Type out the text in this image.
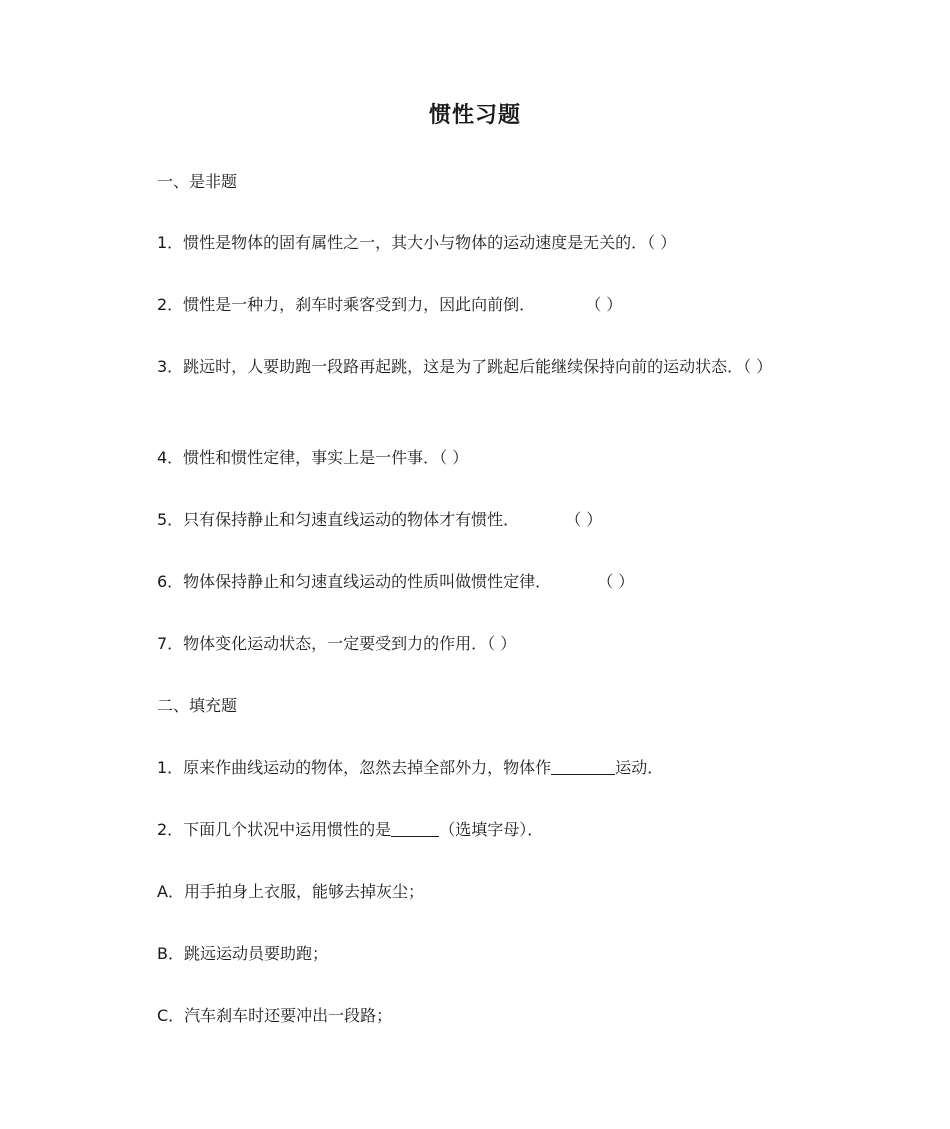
惯性习题

一、是非题

1．惯性是物体的固有属性之一，其大小与物体的运动速度是无关的．（ ）

2．惯性是一种力，刹车时乘客受到力，因此向前倒．	（ ）

3．跳远时，人要助跑一段路再起跳，这是为了跳起后能继续保持向前的运动状态．（ ）

4．惯性和惯性定律，事实上是一件事．（ ）

5．只有保持静止和匀速直线运动的物体才有惯性．	（ ）

6．物体保持静止和匀速直线运动的性质叫做惯性定律．	（ ）

7．物体变化运动状态，一定要受到力的作用．（ ）

二、填充题

1．原来作曲线运动的物体，忽然去掉全部外力，物体作	运动．

2．下面几个状况中运用惯性的是	（选填字母）．

A．用手拍身上衣服，能够去掉灰尘；

B．跳远运动员要助跑；

C．汽车刹车时还要冲出一段路；
